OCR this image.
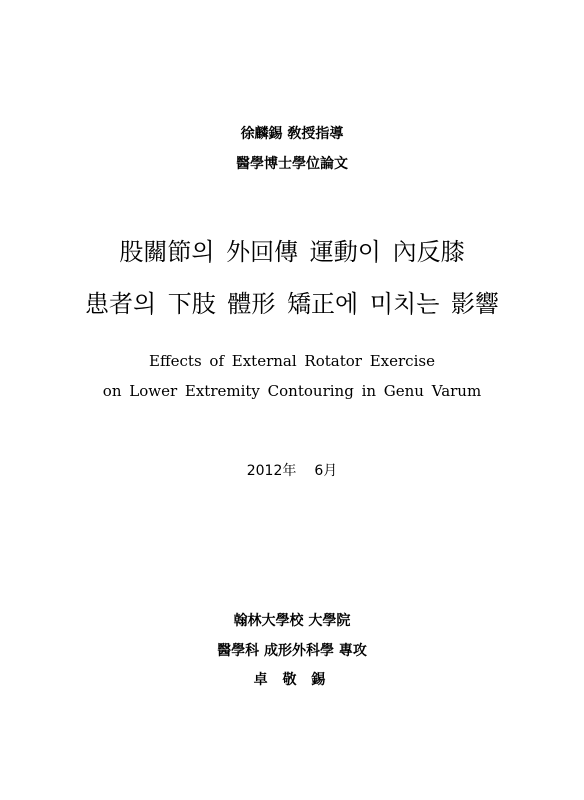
徐麟錫 敎授指導
醫學博士學位論文
股關節의 外回傳 運動이 內反膝
患者의 下肢 體形 矯正에 미치는 影響
Effects of External Rotator Exercise
on Lower Extremity Contouring in Genu Varum
2012年 6月
翰林大學校 大學院
醫學科 成形外科學 專攻
卓 敬 錫
